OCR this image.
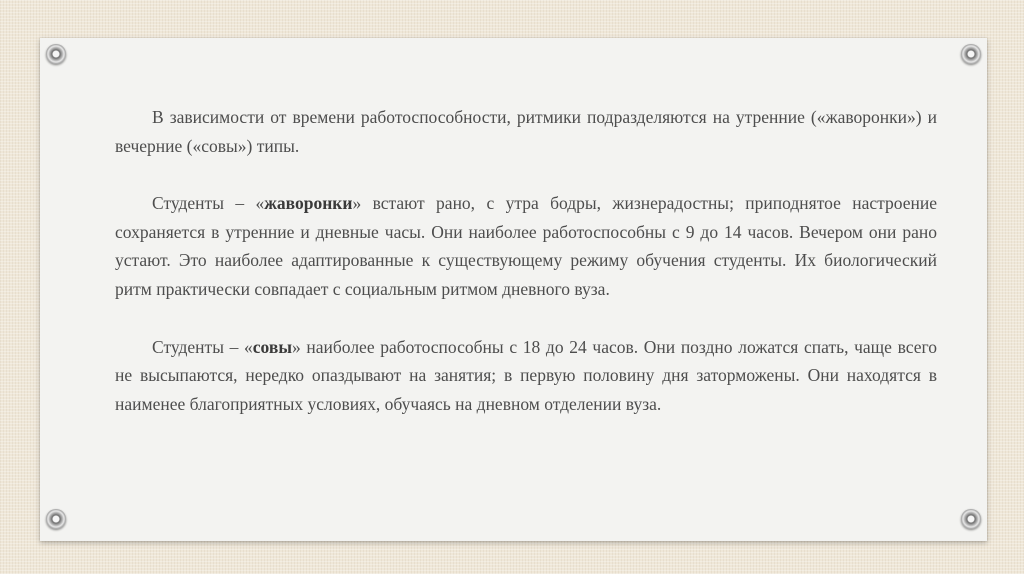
В зависимости от времени работоспособности, ритмики подразделяются на утренние («жаворонки») и вечерние («совы») типы.

Студенты – «жаворонки» встают рано, с утра бодры, жизнерадостны; приподнятое настроение сохраняется в утренние и дневные часы. Они наиболее работоспособны с 9 до 14 часов. Вечером они рано устают. Это наиболее адаптированные к существующему режиму обучения студенты. Их биологический ритм практически совпадает с социальным ритмом дневного вуза.

Студенты – «совы» наиболее работоспособны с 18 до 24 часов. Они поздно ложатся спать, чаще всего не высыпаются, нередко опаздывают на занятия; в первую половину дня заторможены. Они находятся в наименее благоприятных условиях, обучаясь на дневном отделении вуза.
